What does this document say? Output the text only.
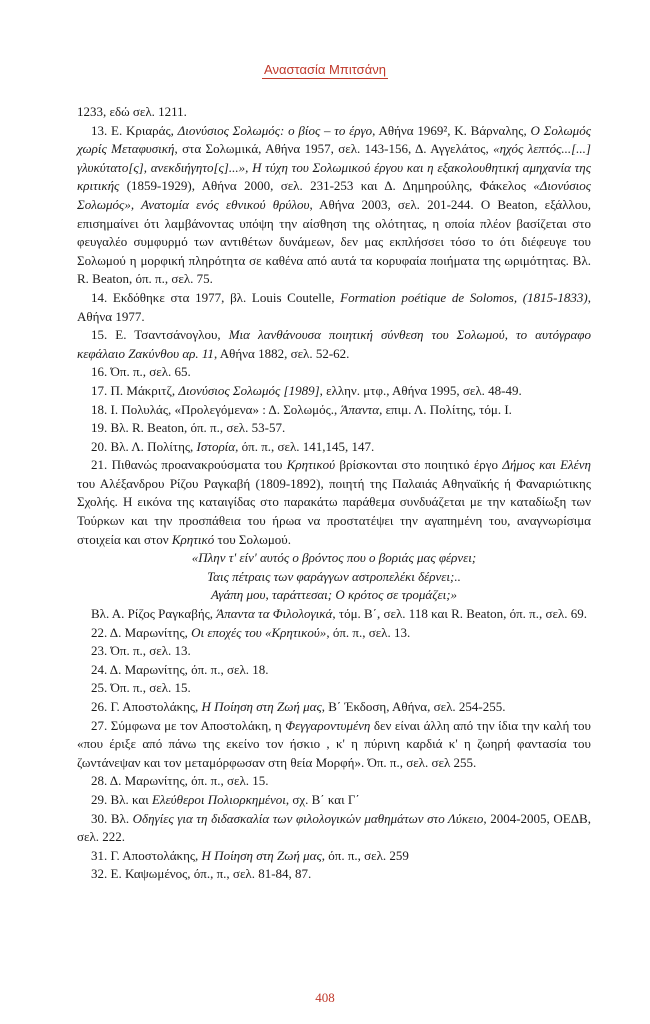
Αναστασία Μπιτσάνη

1233, εδώ σελ. 1211.

13. Ε. Κριαράς, Διονύσιος Σολωμός: ο βίος – το έργο, Αθήνα 1969², Κ. Βάρναλης, Ο Σολωμός χωρίς Μεταφυσική, στα Σολωμικά, Αθήνα 1957, σελ. 143-156, Δ. Αγγελάτος, «ηχός λεπτός...[...] γλυκύτατο[ς], ανεκδιήγητο[ς]...», Η τύχη του Σολωμικού έργου και η εξακολουθητική αμηχανία της κριτικής (1859-1929), Αθήνα 2000, σελ. 231-253 και Δ. Δημηρούλης, Φάκελος «Διονύσιος Σολωμός», Ανατομία ενός εθνικού θρύλου, Αθήνα 2003, σελ. 201-244. Ο Beaton, εξάλλου, επισημαίνει ότι λαμβάνοντας υπόψη την αίσθηση της ολότητας, η οποία πλέον βασίζεται στο φευγαλέο συμφυρμό των αντιθέτων δυνάμεων, δεν μας εκπλήσσει τόσο το ότι διέφευγε του Σολωμού η μορφική πληρότητα σε καθένα από αυτά τα κορυφαία ποιήματα της ωριμότητας. Βλ. R. Beaton, όπ. π., σελ. 75.

14. Εκδόθηκε στα 1977, βλ. Louis Coutelle, Formation poétique de Solomos, (1815-1833), Αθήνα 1977.

15. Ε. Τσαντσάνογλου, Μια λανθάνουσα ποιητική σύνθεση του Σολωμού, το αυτόγραφο κεφάλαιο Ζακύνθου αρ. 11, Αθήνα 1882, σελ. 52-62.

16. Όπ. π., σελ. 65.

17. Π. Μάκριτζ, Διονύσιος Σολωμός [1989], ελλην. μτφ., Αθήνα 1995, σελ. 48-49.

18. Ι. Πολυλάς, «Προλεγόμενα» : Δ. Σολωμός., Άπαντα, επιμ. Λ. Πολίτης, τόμ. Ι.

19. Βλ. R. Beaton, όπ. π., σελ. 53-57.

20. Βλ. Λ. Πολίτης, Ιστορία, όπ. π., σελ. 141,145, 147.

21. Πιθανώς προαvακρούσματα του Κρητικού βρίσκονται στο ποιητικό έργο Δήμος και Ελένη του Αλέξανδρου Ρίζου Ραγκαβή (1809-1892), ποιητή της Παλαιάς Αθηναϊκής ή Φαναριώτικης Σχολής. Η εικόνα της καταιγίδας στο παρακάτω παράθεμα συνδυάζεται με την καταδίωξη των Τούρκων και την προσπάθεια του ήρωα να προστατέψει την αγαπημένη του, αναγνωρίσιμα στοιχεία και στον Κρητικό του Σολωμού.

«Πλην τ' είν' αυτός ο βρόντος που ο βοριάς μας φέρνει;

Ταις πέτραις των φαράγγων αστροπελέκι δέρνει;..

Αγάπη μου, ταράττεσαι; Ο κρότος σε τρομάζει;»

Βλ. Α. Ρίζος Ραγκαβής, Άπαντα τα Φιλολογικά, τόμ. Β΄, σελ. 118 και R. Beaton, όπ. π., σελ. 69.

22. Δ. Μαρωνίτης, Οι εποχές του «Κρητικού», όπ. π., σελ. 13.

23. Όπ. π., σελ. 13.

24. Δ. Μαρωνίτης, όπ. π., σελ. 18.

25. Όπ. π., σελ. 15.

26. Γ. Αποστολάκης, Η Ποίηση στη Ζωή μας, Β΄ Έκδοση, Αθήνα, σελ. 254-255.

27. Σύμφωνα με τον Αποστολάκη, η Φεγγαροντυμένη δεν είναι άλλη από την ίδια την καλή του «που έριξε από πάνω της εκείνο τον ήσκιο , κ' η πύρινη καρδιά κ' η ζωηρή φαντασία του ζωντάνεψαν και τον μεταμόρφωσαν στη θεία Μορφή». Όπ. π., σελ. σελ 255.

28. Δ. Μαρωνίτης, όπ. π., σελ. 15.

29. Βλ. και Ελεύθεροι Πολιορκημένοι, σχ. Β΄ και Γ΄

30. Βλ. Οδηγίες για τη διδασκαλία των φιλολογικών μαθημάτων στο Λύκειο, 2004-2005, ΟΕΔΒ, σελ. 222.

31. Γ. Αποστολάκης, Η Ποίηση στη Ζωή μας, όπ. π., σελ. 259

32. Ε. Καψωμένος, όπ., π., σελ. 81-84, 87.

408
